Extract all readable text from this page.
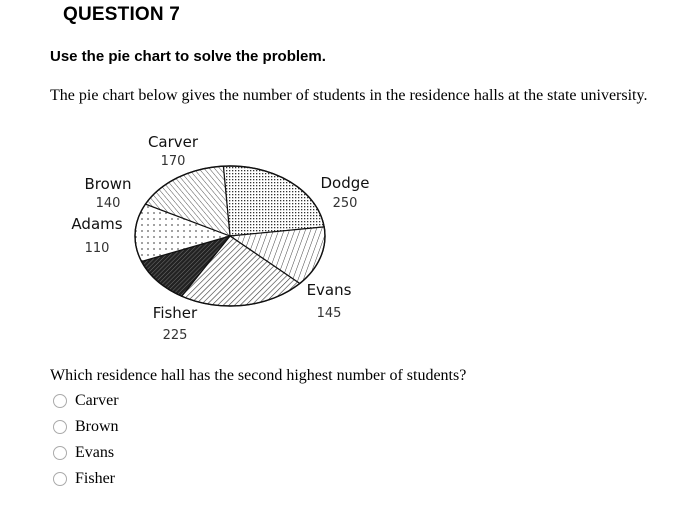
QUESTION 7
Use the pie chart to solve the problem.
The pie chart below gives the number of students in the residence halls at the state university.
Dodge
250
Evans
145
Fisher
225
Adams
110
Brown
140
Carver
170
Which residence hall has the second highest number of students?
Carver
Brown
Evans
Fisher
